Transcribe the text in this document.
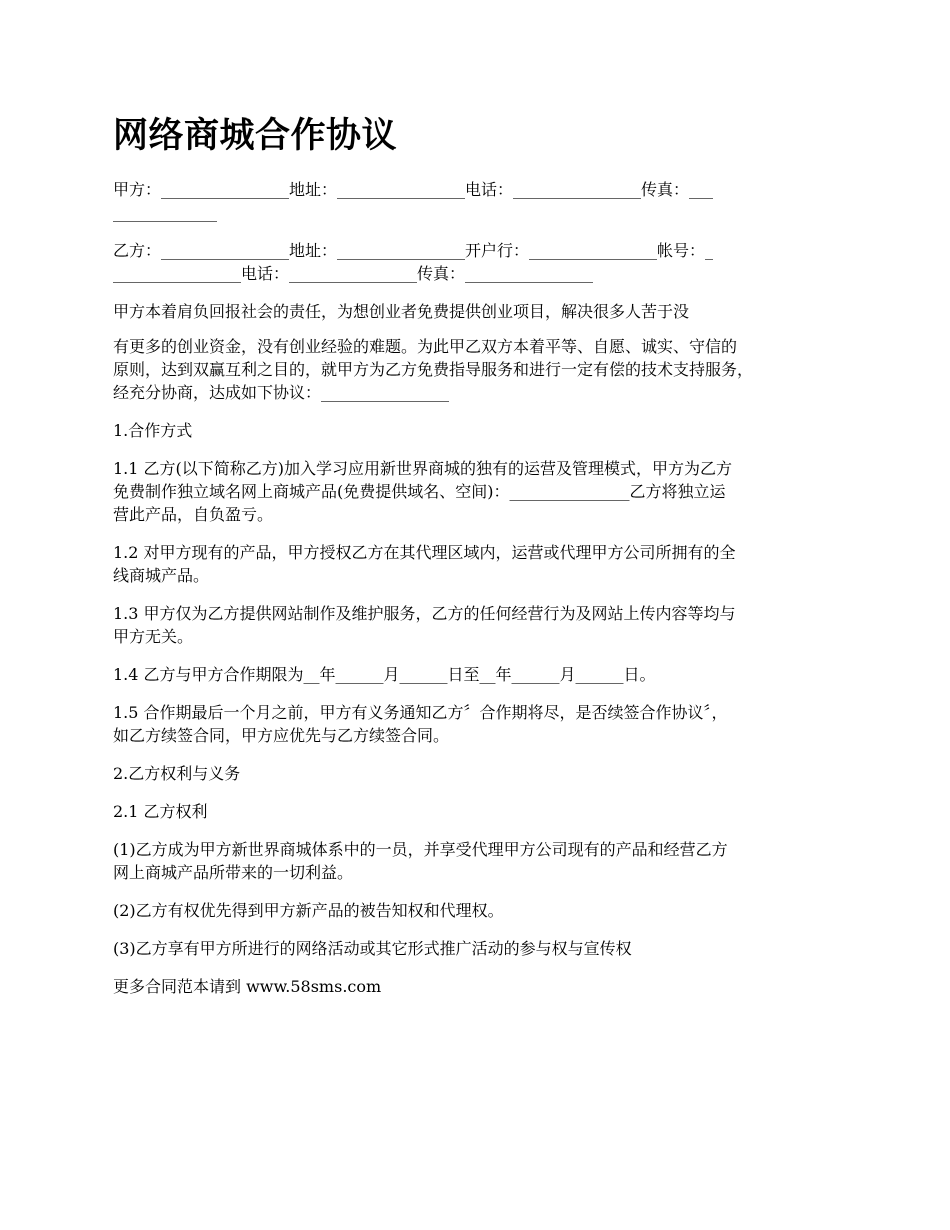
网络商城合作协议

甲方：________________地址：________________电话：________________传真：___
_____________

乙方：________________地址：________________开户行：________________帐号：_
________________电话：________________传真：________________

甲方本着肩负回报社会的责任，为想创业者免费提供创业项目，解决很多人苦于没

有更多的创业资金，没有创业经验的难题。为此甲乙双方本着平等、自愿、诚实、守信的
原则，达到双赢互利之目的，就甲方为乙方免费指导服务和进行一定有偿的技术支持服务，
经充分协商，达成如下协议：________________

1.合作方式

1.1 乙方(以下简称乙方)加入学习应用新世界商城的独有的运营及管理模式，甲方为乙方
免费制作独立域名网上商城产品(免费提供域名、空间)：_______________乙方将独立运
营此产品，自负盈亏。

1.2 对甲方现有的产品，甲方授权乙方在其代理区域内，运营或代理甲方公司所拥有的全
线商城产品。

1.3 甲方仅为乙方提供网站制作及维护服务，乙方的任何经营行为及网站上传内容等均与
甲方无关。

1.4 乙方与甲方合作期限为__年______月______日至__年______月______日。

1.5 合作期最后一个月之前，甲方有义务通知乙方〞合作期将尽，是否续签合作协议〞，
如乙方续签合同，甲方应优先与乙方续签合同。

2.乙方权利与义务

2.1 乙方权利

(1)乙方成为甲方新世界商城体系中的一员，并享受代理甲方公司现有的产品和经营乙方
网上商城产品所带来的一切利益。

(2)乙方有权优先得到甲方新产品的被告知权和代理权。

(3)乙方享有甲方所进行的网络活动或其它形式推广活动的参与权与宣传权

更多合同范本请到 www.58sms.com
